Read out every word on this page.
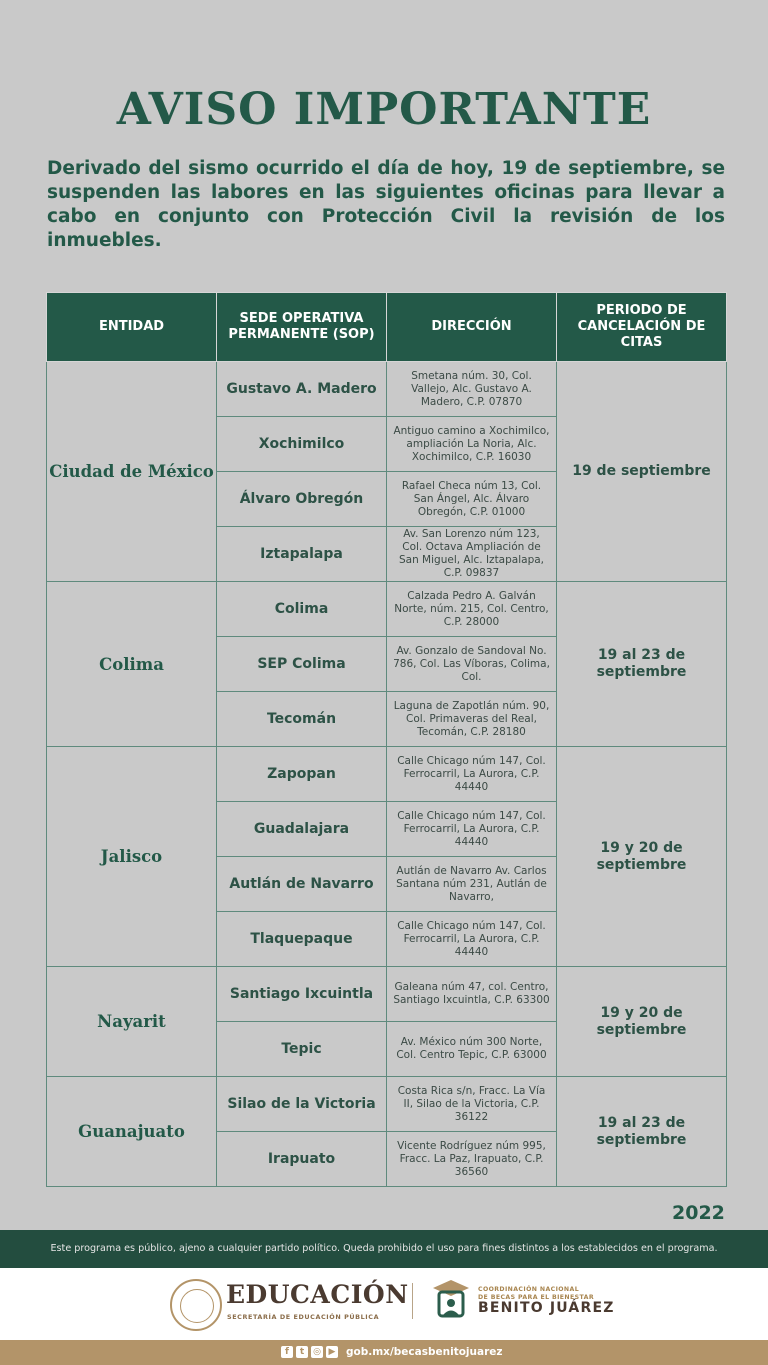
AVISO IMPORTANTE
Derivado del sismo ocurrido el día de hoy, 19 de septiembre, se suspenden las labores en las siguientes oficinas para llevar a cabo en conjunto con Protección Civil la revisión de los inmuebles.
ENTIDAD	SEDE OPERATIVA PERMANENTE (SOP)	DIRECCIÓN	PERIODO DE CANCELACIÓN DE CITAS
Ciudad de México	Gustavo A. Madero	Smetana núm. 30, Col. Vallejo, Alc. Gustavo A. Madero, C.P. 07870	19 de septiembre
	Xochimilco	Antiguo camino a Xochimilco, ampliación La Noria, Alc. Xochimilco, C.P. 16030	
	Álvaro Obregón	Rafael Checa núm 13, Col. San Ángel, Alc. Álvaro Obregón, C.P. 01000	
	Iztapalapa	Av. San Lorenzo núm 123, Col. Octava Ampliación de San Miguel, Alc. Iztapalapa, C.P. 09837	
Colima	Colima	Calzada Pedro A. Galván Norte, núm. 215, Col. Centro, C.P. 28000	19 al 23 de septiembre
	SEP Colima	Av. Gonzalo de Sandoval No. 786, Col. Las Víboras, Colima, Col.	
	Tecomán	Laguna de Zapotlán núm. 90, Col. Primaveras del Real, Tecomán, C.P. 28180	
Jalisco	Zapopan	Calle Chicago núm 147, Col. Ferrocarril, La Aurora, C.P. 44440	19 y 20 de septiembre
	Guadalajara	Calle Chicago núm 147, Col. Ferrocarril, La Aurora, C.P. 44440	
	Autlán de Navarro	Autlán de Navarro Av. Carlos Santana núm 231, Autlán de Navarro,	
	Tlaquepaque	Calle Chicago núm 147, Col. Ferrocarril, La Aurora, C.P. 44440	
Nayarit	Santiago Ixcuintla	Galeana núm 47, col. Centro, Santiago Ixcuintla, C.P. 63300	19 y 20 de septiembre
	Tepic	Av. México núm 300 Norte, Col. Centro Tepic, C.P. 63000	
Guanajuato	Silao de la Victoria	Costa Rica s/n, Fracc. La Vía II, Silao de la Victoria, C.P. 36122	19 al 23 de septiembre
	Irapuato	Vicente Rodríguez núm 995, Fracc. La Paz, Irapuato, C.P. 36560	
2022
Este programa es público, ajeno a cualquier partido político. Queda prohibido el uso para fines distintos a los establecidos en el programa.
EDUCACIÓN
SECRETARÍA DE EDUCACIÓN PÚBLICA
COORDINACIÓN NACIONAL
DE BECAS PARA EL BIENESTAR
BENITO JUÁREZ
f	t ◎ ▶ gob.mx/becasbenitojuarez
